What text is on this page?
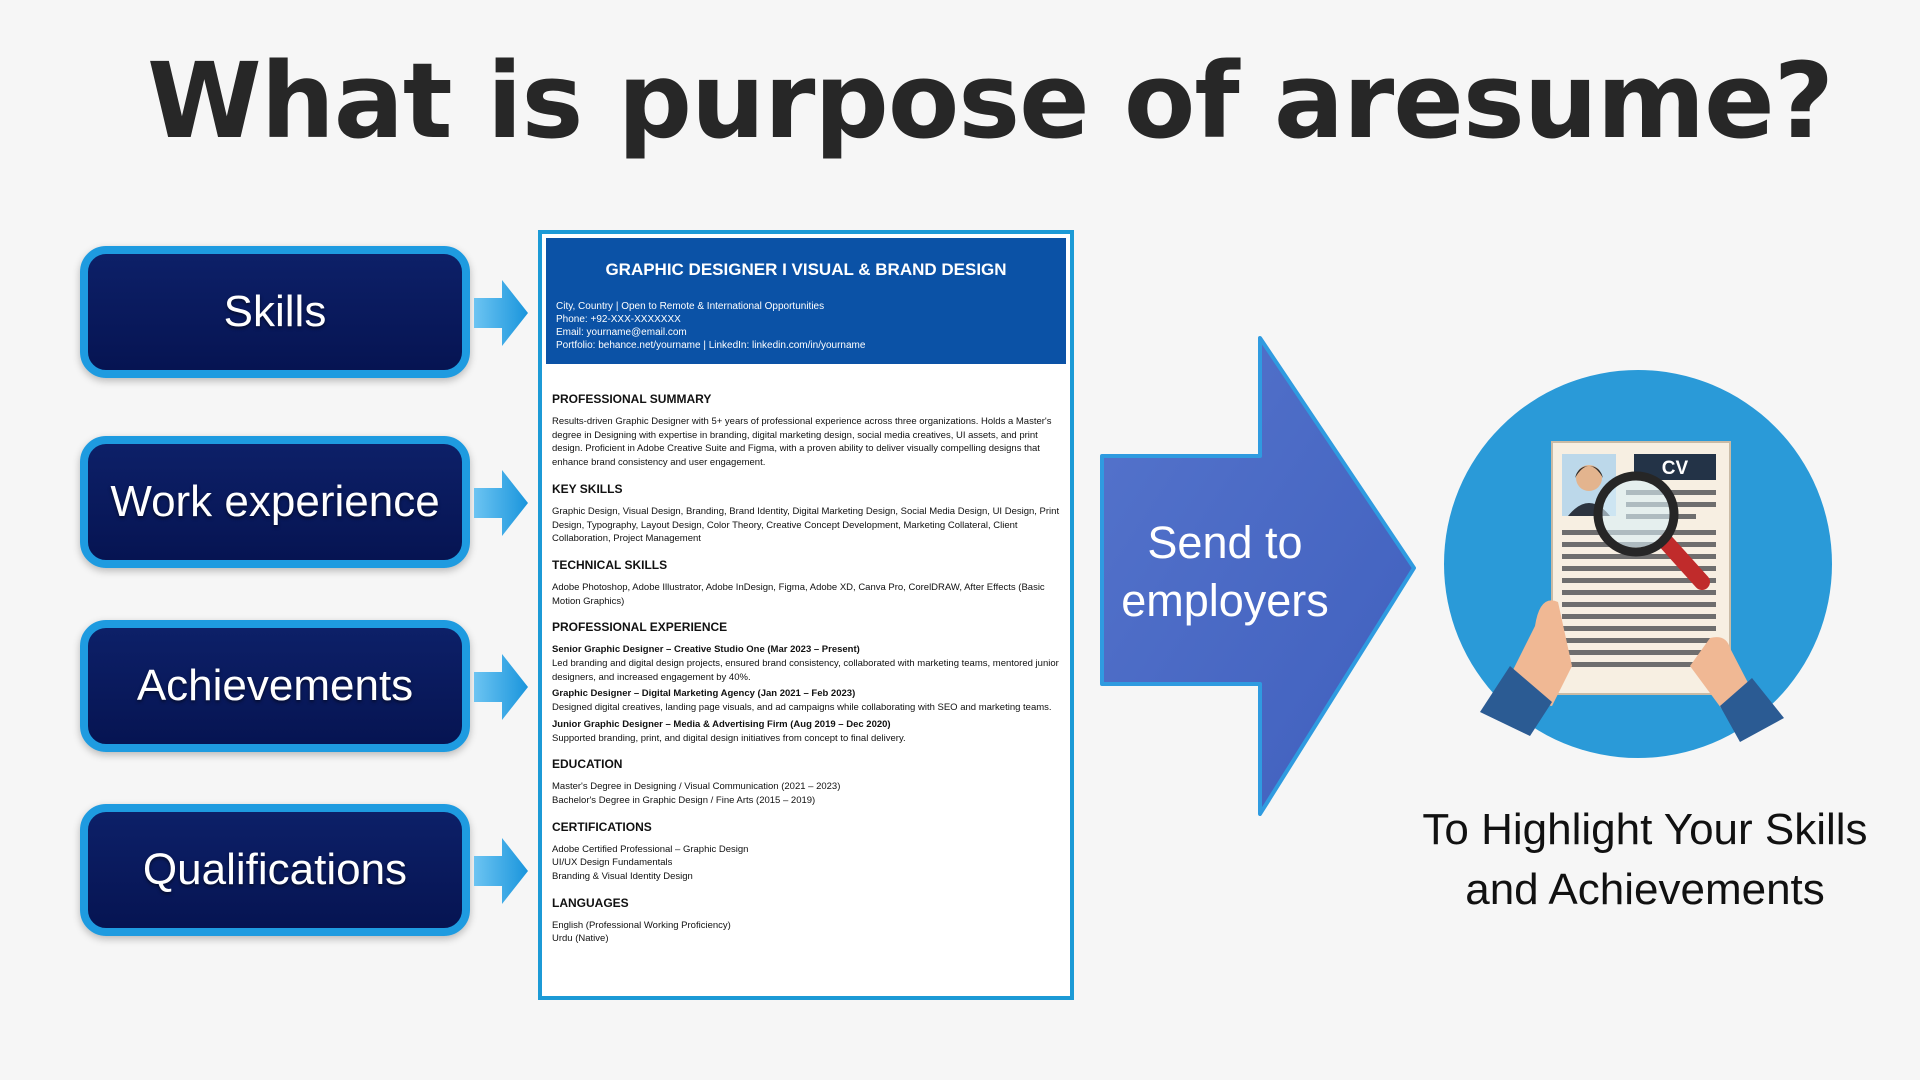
What is purpose of aresume?
Skills
Work experience
Achievements
Qualifications
GRAPHIC DESIGNER I VISUAL & BRAND DESIGN
City, Country | Open to Remote & International Opportunities
Phone: +92-XXX-XXXXXXX
Email: yourname@email.com
Portfolio: behance.net/yourname | LinkedIn: linkedin.com/in/yourname
PROFESSIONAL SUMMARY
Results-driven Graphic Designer with 5+ years of professional experience across three organizations. Holds a Master's degree in Designing with expertise in branding, digital marketing design, social media creatives, UI assets, and print design. Proficient in Adobe Creative Suite and Figma, with a proven ability to deliver visually compelling designs that enhance brand consistency and user engagement.
KEY SKILLS
Graphic Design, Visual Design, Branding, Brand Identity, Digital Marketing Design, Social Media Design, UI Design, Print Design, Typography, Layout Design, Color Theory, Creative Concept Development, Marketing Collateral, Client Collaboration, Project Management
TECHNICAL SKILLS
Adobe Photoshop, Adobe Illustrator, Adobe InDesign, Figma, Adobe XD, Canva Pro, CorelDRAW, After Effects (Basic Motion Graphics)
PROFESSIONAL EXPERIENCE
Senior Graphic Designer – Creative Studio One (Mar 2023 – Present)
Led branding and digital design projects, ensured brand consistency, collaborated with marketing teams, mentored junior designers, and increased engagement by 40%.
Graphic Designer – Digital Marketing Agency (Jan 2021 – Feb 2023)
Designed digital creatives, landing page visuals, and ad campaigns while collaborating with SEO and marketing teams.
Junior Graphic Designer – Media & Advertising Firm (Aug 2019 – Dec 2020)
Supported branding, print, and digital design initiatives from concept to final delivery.
EDUCATION
Master's Degree in Designing / Visual Communication (2021 – 2023)
Bachelor's Degree in Graphic Design / Fine Arts (2015 – 2019)
CERTIFICATIONS
Adobe Certified Professional – Graphic Design
UI/UX Design Fundamentals
Branding & Visual Identity Design
LANGUAGES
English (Professional Working Proficiency)
Urdu (Native)
Send to
employers
CV
To Highlight Your Skills
and Achievements
